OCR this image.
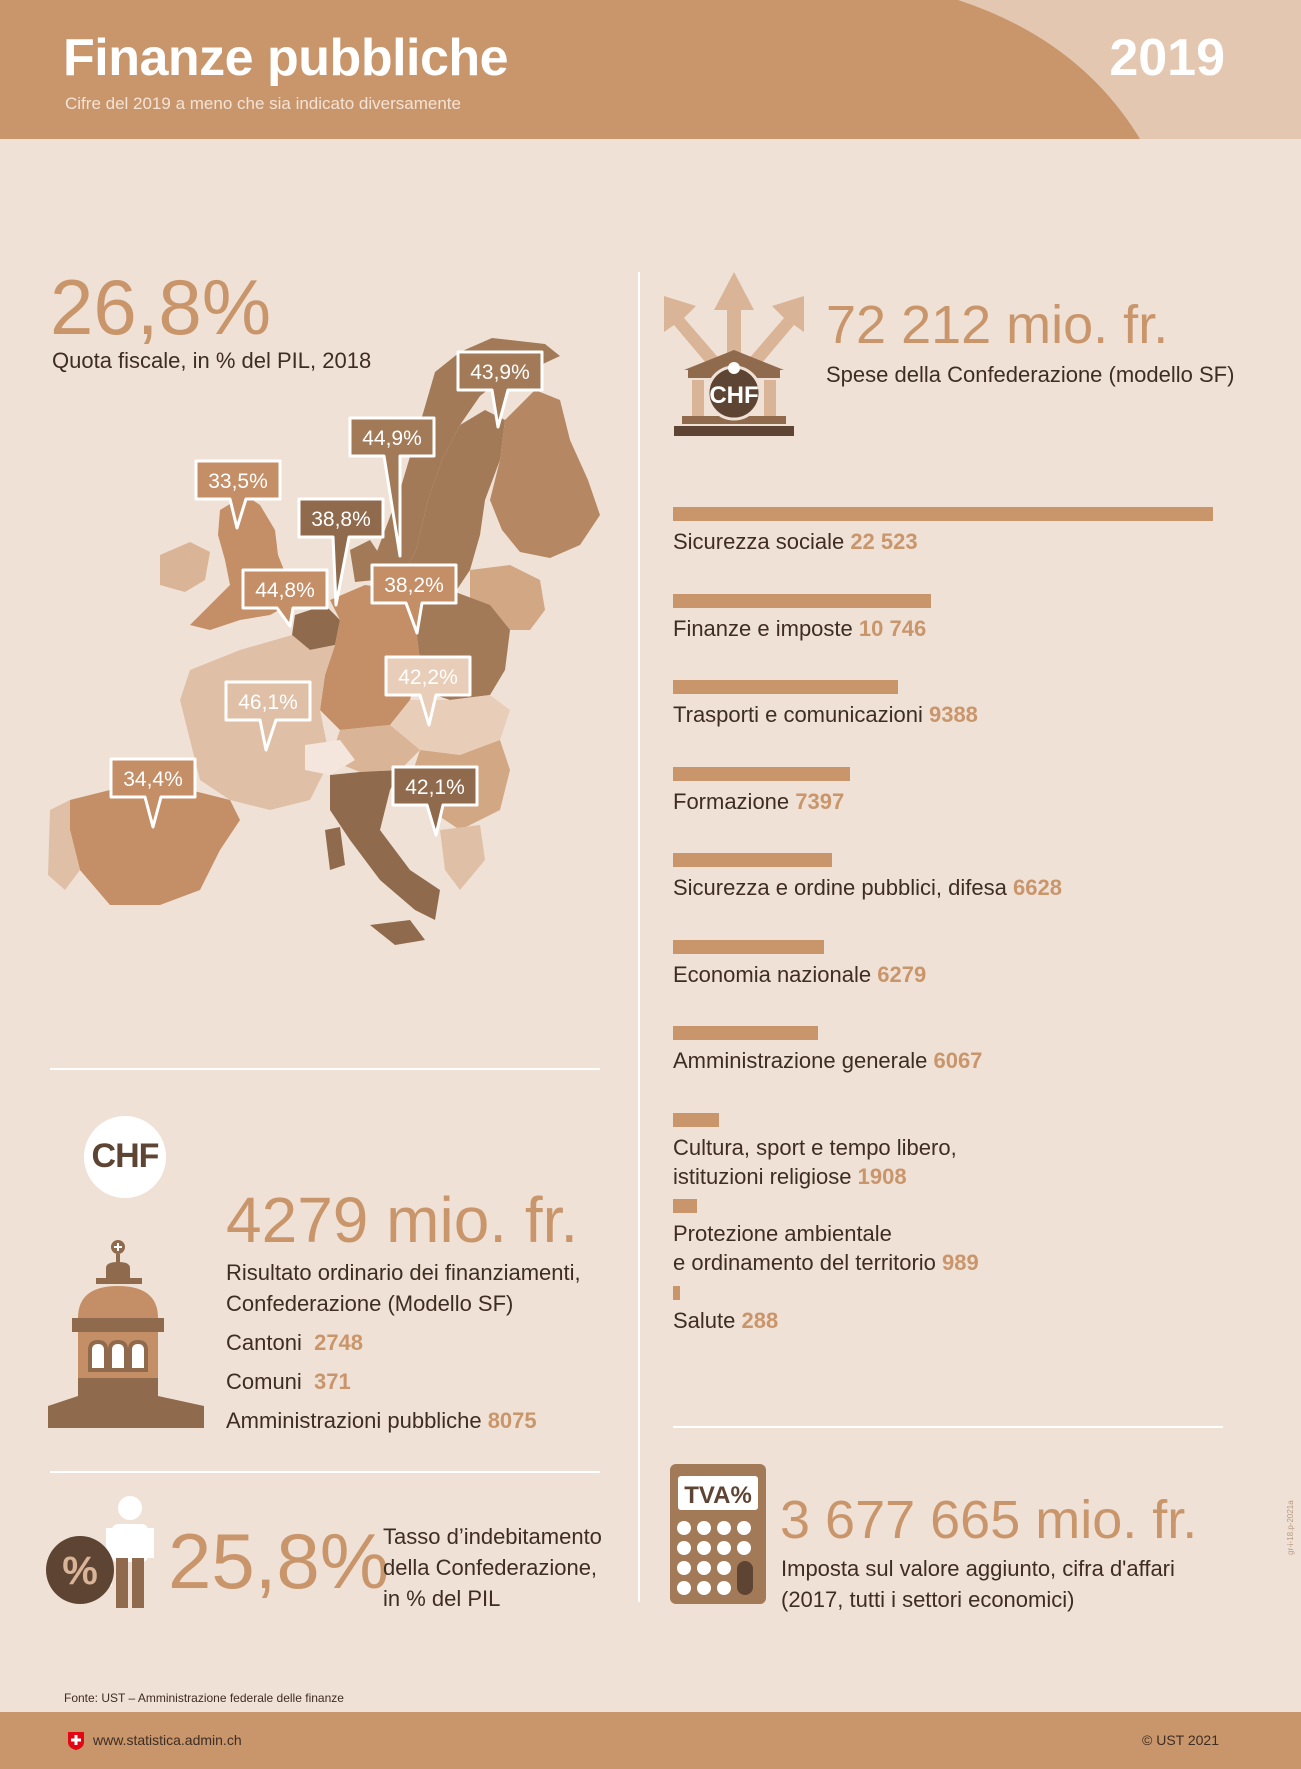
Finanze pubbliche
Cifre del 2019 a meno che sia indicato diversamente
2019
26,8%
Quota fiscale, in % del PIL, 2018	43,9%
44,9%
33,5%
38,8%
44,8%	38,2%
42,2%
46,1%
34,4%	42,1%
CHF
4279 mio. fr.
Risultato ordinario dei finanziamenti,
Confederazione (Modello SF)
Cantoni 2748
Comuni 371
Amministrazioni pubbliche 8075
% 25,8%
Tasso d’indebitamento
della Confederazione,
in % del PIL
CHF
72 212 mio. fr.
Spese della Confederazione (modello SF)
Sicurezza sociale 22 523
Finanze e imposte 10 746
Trasporti e comunicazioni 9388
Formazione 7397
Sicurezza e ordine pubblici, difesa 6628
Economia nazionale 6279
Amministrazione generale 6067
Cultura, sport e tempo libero,
istituzioni religiose 1908
Protezione ambientale
e ordinamento del territorio 989
Salute 288
TVA% 3 677 665 mio. fr.
Imposta sul valore aggiunto, cifra d'affari
(2017, tutti i settori economici)
gr-i-18.p-2021a
Fonte: UST – Amministrazione federale delle finanze
www.statistica.admin.ch	© UST 2021
